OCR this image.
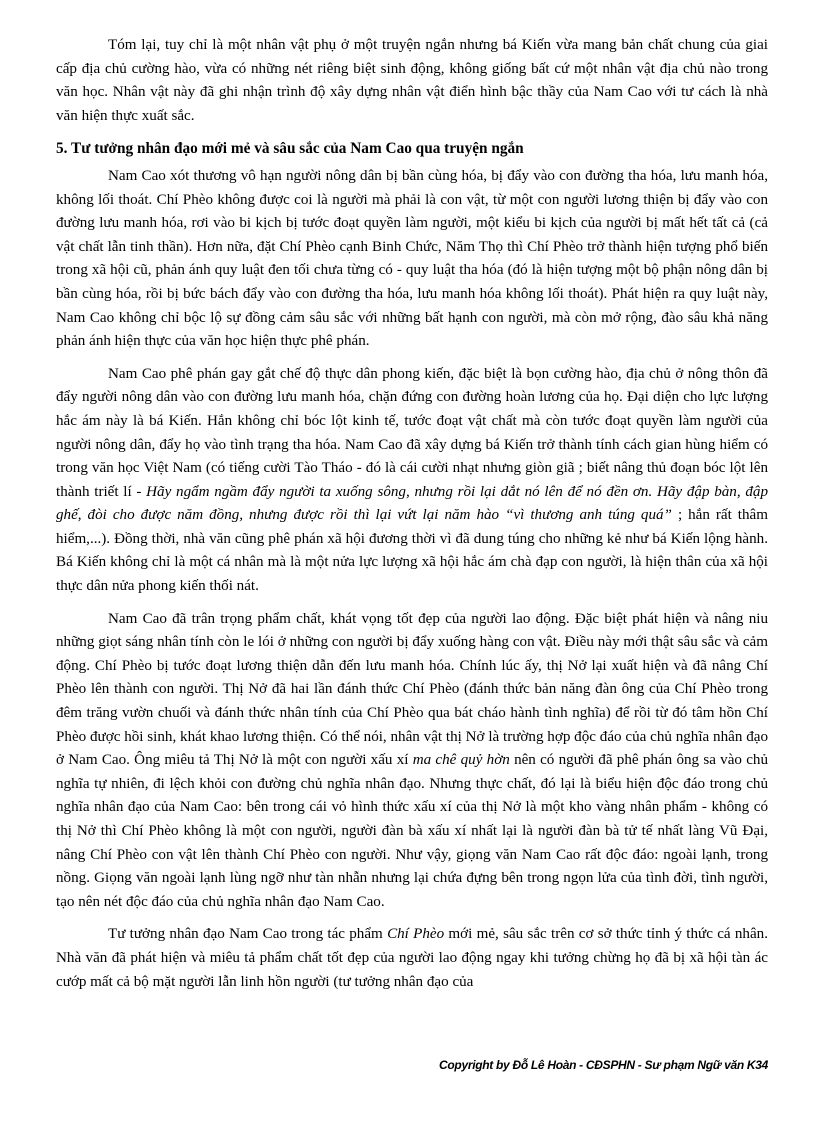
Tóm lại, tuy chỉ là một nhân vật phụ ở một truyện ngắn nhưng bá Kiến vừa mang bản chất chung của giai cấp địa chủ cường hào, vừa có những nét riêng biệt sinh động, không giống bất cứ một nhân vật địa chủ nào trong văn học. Nhân vật này đã ghi nhận trình độ xây dựng nhân vật điển hình bậc thầy của Nam Cao với tư cách là nhà văn hiện thực xuất sắc.

5. Tư tưởng nhân đạo mới mẻ và sâu sắc của Nam Cao qua truyện ngắn

Nam Cao xót thương vô hạn người nông dân bị bần cùng hóa, bị đẩy vào con đường tha hóa, lưu manh hóa, không lối thoát. Chí Phèo không được coi là người mà phải là con vật, từ một con người lương thiện bị đẩy vào con đường lưu manh hóa, rơi vào bi kịch bị tước đoạt quyền làm người, một kiểu bi kịch của người bị mất hết tất cả (cả vật chất lẫn tinh thần). Hơn nữa, đặt Chí Phèo cạnh Binh Chức, Năm Thọ thì Chí Phèo trở thành hiện tượng phổ biến trong xã hội cũ, phản ánh quy luật đen tối chưa từng có - quy luật tha hóa (đó là hiện tượng một bộ phận nông dân bị bần cùng hóa, rồi bị bức bách đẩy vào con đường tha hóa, lưu manh hóa không lối thoát). Phát hiện ra quy luật này, Nam Cao không chỉ bộc lộ sự đồng cảm sâu sắc với những bất hạnh con người, mà còn mở rộng, đào sâu khả năng phản ánh hiện thực của văn học hiện thực phê phán.

Nam Cao phê phán gay gắt chế độ thực dân phong kiến, đặc biệt là bọn cường hào, địa chủ ở nông thôn đã đẩy người nông dân vào con đường lưu manh hóa, chặn đứng con đường hoàn lương của họ. Đại diện cho lực lượng hắc ám này là bá Kiến. Hắn không chỉ bóc lột kinh tế, tước đoạt vật chất mà còn tước đoạt quyền làm người của người nông dân, đẩy họ vào tình trạng tha hóa. Nam Cao đã xây dựng bá Kiến trở thành tính cách gian hùng hiểm có trong văn học Việt Nam (có tiếng cười Tào Tháo - đó là cái cười nhạt nhưng giòn giã ; biết nâng thủ đoạn bóc lột lên thành triết lí - Hãy ngẩm ngầm đẩy người ta xuống sông, nhưng rồi lại dắt nó lên để nó đền ơn. Hãy đập bàn, đập ghế, đòi cho được năm đồng, nhưng được rồi thì lại vứt lại năm hào “vì thương anh túng quá” ; hắn rất thâm hiểm,...). Đồng thời, nhà văn cũng phê phán xã hội đương thời vì đã dung túng cho những kẻ như bá Kiến lộng hành. Bá Kiến không chỉ là một cá nhân mà là một nửa lực lượng xã hội hắc ám chà đạp con người, là hiện thân của xã hội thực dân nửa phong kiến thối nát.

Nam Cao đã trân trọng phẩm chất, khát vọng tốt đẹp của người lao động. Đặc biệt phát hiện và nâng niu những giọt sáng nhân tính còn le lói ở những con người bị đẩy xuống hàng con vật. Điều này mới thật sâu sắc và cảm động. Chí Phèo bị tước đoạt lương thiện dẫn đến lưu manh hóa. Chính lúc ấy, thị Nở lại xuất hiện và đã nâng Chí Phèo lên thành con người. Thị Nở đã hai lần đánh thức Chí Phèo (đánh thức bản năng đàn ông của Chí Phèo trong đêm trăng vườn chuối và đánh thức nhân tính của Chí Phèo qua bát cháo hành tình nghĩa) để rồi từ đó tâm hồn Chí Phèo được hồi sinh, khát khao lương thiện. Có thể nói, nhân vật thị Nở là trường hợp độc đáo của chủ nghĩa nhân đạo ở Nam Cao. Ông miêu tả Thị Nở là một con người xấu xí ma chê quỷ hờn nên có người đã phê phán ông sa vào chủ nghĩa tự nhiên, đi lệch khỏi con đường chủ nghĩa nhân đạo. Nhưng thực chất, đó lại là biểu hiện độc đáo trong chủ nghĩa nhân đạo của Nam Cao: bên trong cái vỏ hình thức xấu xí của thị Nở là một kho vàng nhân phẩm - không có thị Nở thì Chí Phèo không là một con người, người đàn bà xấu xí nhất lại là người đàn bà tử tế nhất làng Vũ Đại, nâng Chí Phèo con vật lên thành Chí Phèo con người. Như vậy, giọng văn Nam Cao rất độc đáo: ngoài lạnh, trong nồng. Giọng văn ngoài lạnh lùng ngỡ như tàn nhẫn nhưng lại chứa đựng bên trong ngọn lửa của tình đời, tình người, tạo nên nét độc đáo của chủ nghĩa nhân đạo Nam Cao.

Tư tưởng nhân đạo Nam Cao trong tác phẩm Chí Phèo mới mẻ, sâu sắc trên cơ sở thức tỉnh ý thức cá nhân. Nhà văn đã phát hiện và miêu tả phẩm chất tốt đẹp của người lao động ngay khi tưởng chừng họ đã bị xã hội tàn ác cướp mất cả bộ mặt người lẫn linh hồn người (tư tưởng nhân đạo của

Copyright by Đỗ Lê Hoàn - CĐSPHN - Sư phạm Ngữ văn K34
